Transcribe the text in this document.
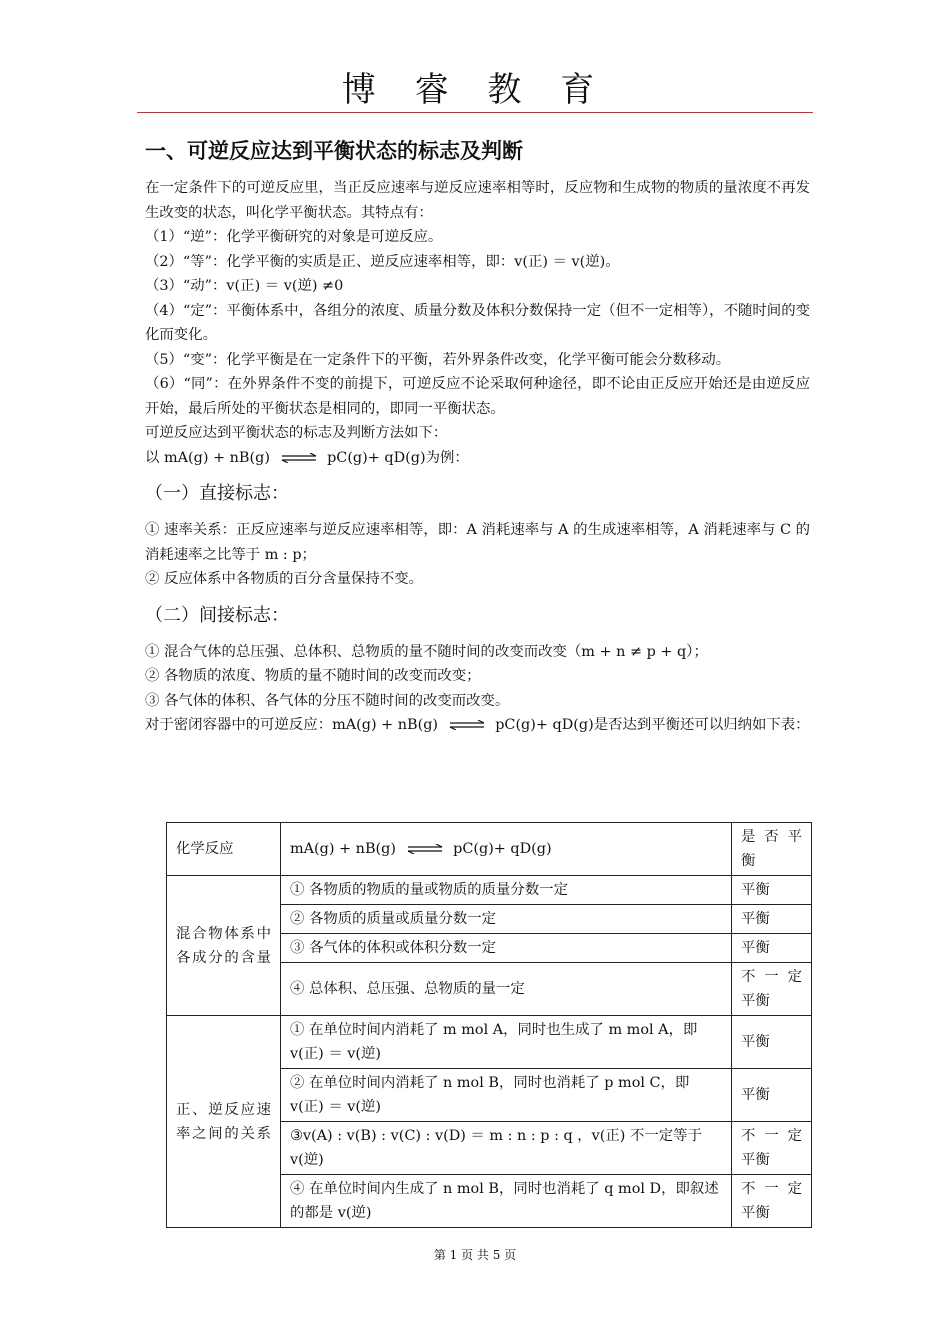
博 睿 教 育
一、可逆反应达到平衡状态的标志及判断

在一定条件下的可逆反应里，当正反应速率与逆反应速率相等时，反应物和生成物的物质的量浓度不再发生改变的状态，叫化学平衡状态。其特点有：

（1）“逆”：化学平衡研究的对象是可逆反应。

（2）“等”：化学平衡的实质是正、逆反应速率相等，即：v(正) ＝ v(逆)。

（3）“动”：v(正) ＝ v(逆) ≠0

（4）“定”：平衡体系中，各组分的浓度、质量分数及体积分数保持一定（但不一定相等），不随时间的变化而变化。

（5）“变”：化学平衡是在一定条件下的平衡，若外界条件改变，化学平衡可能会分数移动。

（6）“同”：在外界条件不变的前提下，可逆反应不论采取何种途径，即不论由正反应开始还是由逆反应开始，最后所处的平衡状态是相同的，即同一平衡状态。

可逆反应达到平衡状态的标志及判断方法如下：

以 mA(g) + nB(g) ⇌ pC(g)+ qD(g)为例：

（一）直接标志：

① 速率关系：正反应速率与逆反应速率相等，即：A 消耗速率与 A 的生成速率相等，A 消耗速率与 C 的消耗速率之比等于 m : p；

② 反应体系中各物质的百分含量保持不变。

（二）间接标志：

① 混合气体的总压强、总体积、总物质的量不随时间的改变而改变（m + n ≠ p + q）；

② 各物质的浓度、物质的量不随时间的改变而改变；

③ 各气体的体积、各气体的分压不随时间的改变而改变。

对于密闭容器中的可逆反应：mA(g) + nB(g) ⇌ pC(g)+ qD(g)是否达到平衡还可以归纳如下表：

化学反应	mA(g) + nB(g) ⇌ pC(g)+ qD(g)	是 否 平 衡
混合物体系中各成分的含量	① 各物质的物质的量或物质的质量分数一定	平衡
	② 各物质的质量或质量分数一定	平衡
	③ 各气体的体积或体积分数一定	平衡
	④ 总体积、总压强、总物质的量一定	不 一 定 平衡
正、逆反应速率之间的关系	① 在单位时间内消耗了 m mol A，同时也生成了 m mol A，即 v(正) ＝ v(逆)	平衡
	② 在单位时间内消耗了 n mol B，同时也消耗了 p mol C，即 v(正) ＝ v(逆)	平衡
	③v(A) : v(B) : v(C) : v(D) ＝ m : n : p : q ，v(正) 不一定等于 v(逆)	不 一 定 平衡
	④ 在单位时间内生成了 n mol B，同时也消耗了 q mol D，即叙述的都是 v(逆)	不 一 定 平衡
第 1 页 共 5 页
